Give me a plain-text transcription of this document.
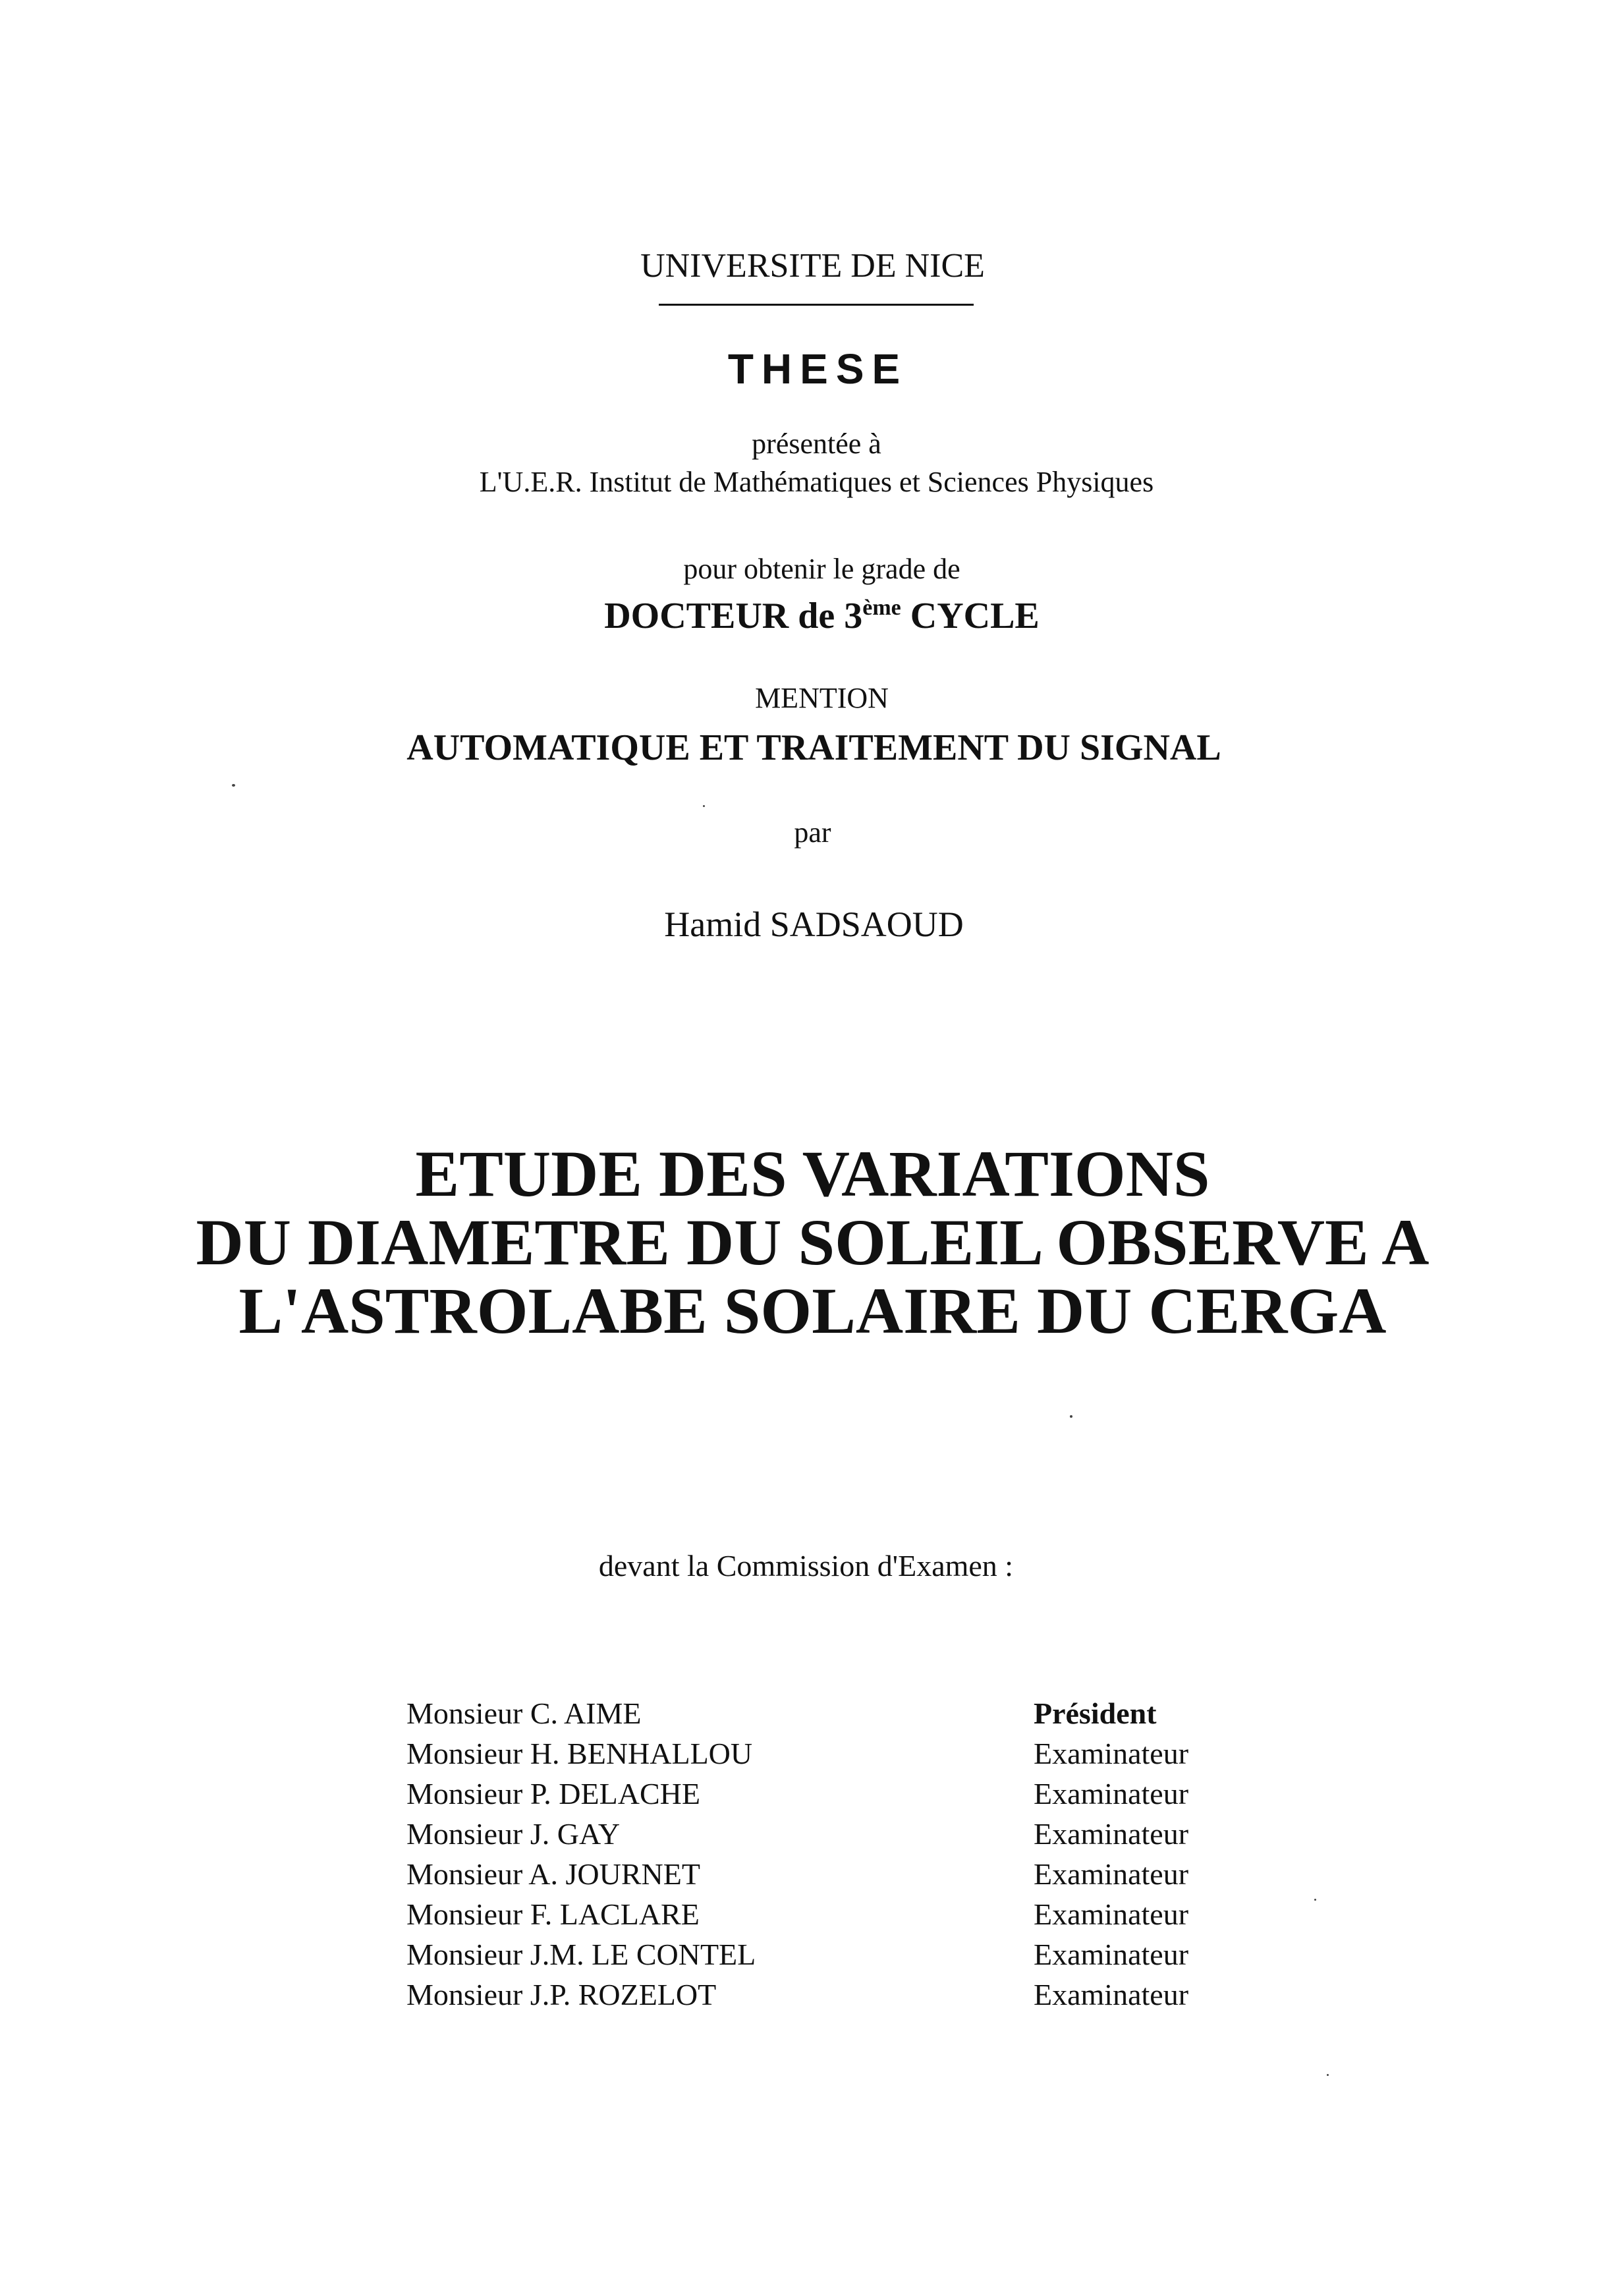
UNIVERSITE DE NICE
THESE
présentée à
L'U.E.R. Institut de Mathématiques et Sciences Physiques
pour obtenir le grade de
DOCTEUR de 3ème CYCLE
MENTION
AUTOMATIQUE ET TRAITEMENT DU SIGNAL
par
Hamid SADSAOUD
ETUDE DES VARIATIONS
DU DIAMETRE DU SOLEIL OBSERVE A
L'ASTROLABE SOLAIRE DU CERGA
devant la Commission d'Examen :
Monsieur C. AIME	Président
Monsieur H. BENHALLOU	Examinateur
Monsieur P. DELACHE	Examinateur
Monsieur J. GAY	Examinateur
Monsieur A. JOURNET	Examinateur
Monsieur F. LACLARE	Examinateur
Monsieur J.M. LE CONTEL	Examinateur
Monsieur J.P. ROZELOT	Examinateur
